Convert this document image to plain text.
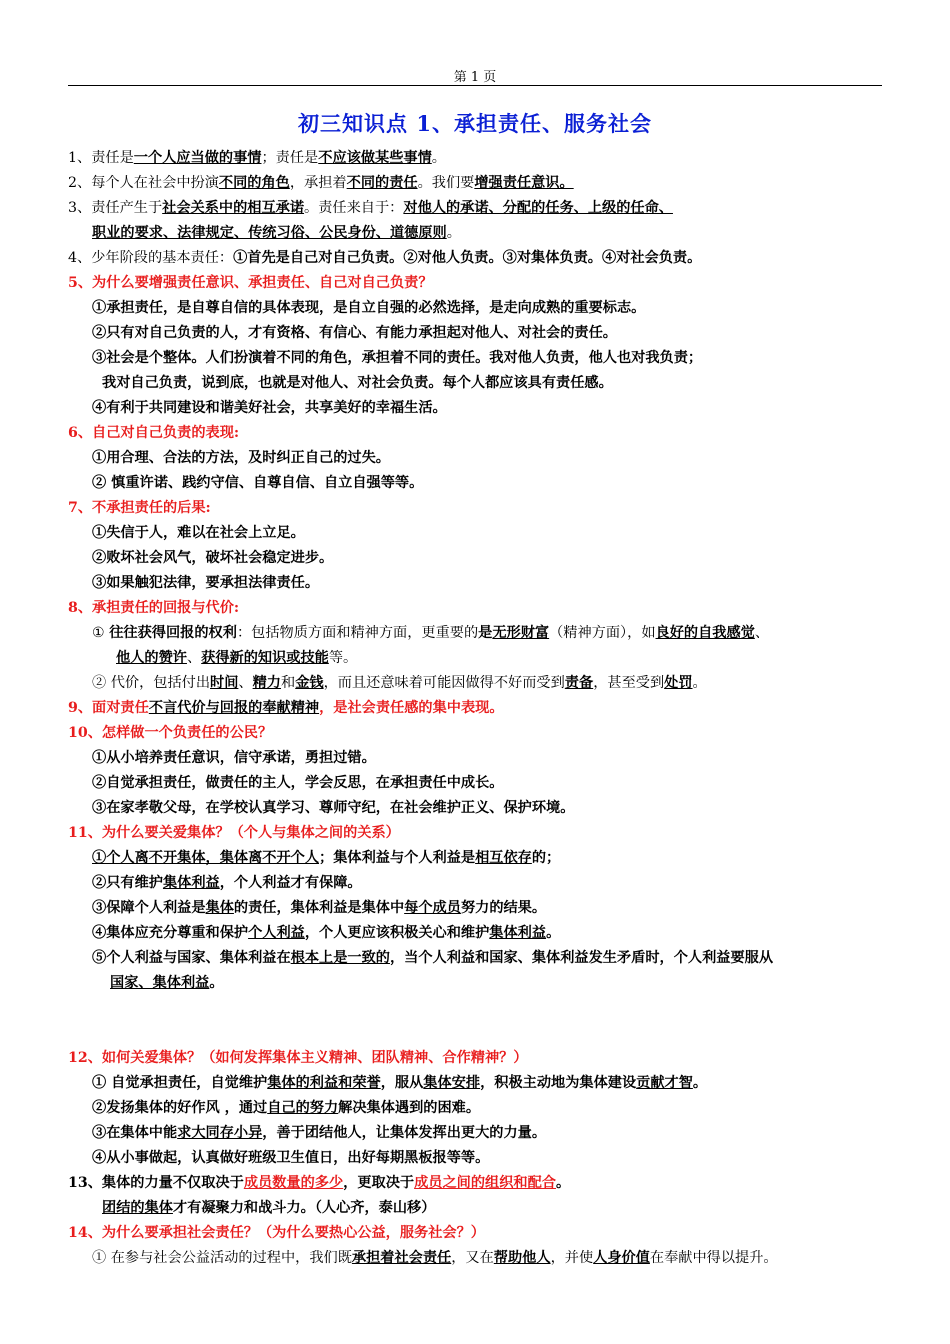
第 1 页
初三知识点 1、承担责任、服务社会
1、责任是一个人应当做的事情；责任是不应该做某些事情。
2、每个人在社会中扮演不同的角色，承担着不同的责任。我们要增强责任意识。
3、责任产生于社会关系中的相互承诺。责任来自于：对他人的承诺、分配的任务、上级的任命、
职业的要求、法律规定、传统习俗、公民身份、道德原则。
4、少年阶段的基本责任：①首先是自己对自己负责。②对他人负责。③对集体负责。④对社会负责。
5、为什么要增强责任意识、承担责任、自己对自己负责？
①承担责任，是自尊自信的具体表现，是自立自强的必然选择，是走向成熟的重要标志。
②只有对自己负责的人，才有资格、有信心、有能力承担起对他人、对社会的责任。
③社会是个整体。人们扮演着不同的角色，承担着不同的责任。我对他人负责，他人也对我负责；
我对自己负责，说到底，也就是对他人、对社会负责。每个人都应该具有责任感。
④有利于共同建设和谐美好社会，共享美好的幸福生活。
6、自己对自己负责的表现:
①用合理、合法的方法，及时纠正自己的过失。
② 慎重许诺、践约守信、自尊自信、自立自强等等。
7、不承担责任的后果:
①失信于人，难以在社会上立足。
②败坏社会风气，破坏社会稳定进步。
③如果触犯法律，要承担法律责任。
8、承担责任的回报与代价:
① 往往获得回报的权利：包括物质方面和精神方面，更重要的是无形财富（精神方面），如良好的自我感觉、
他人的赞许、获得新的知识或技能等。
② 代价，包括付出时间、精力和金钱，而且还意味着可能因做得不好而受到责备，甚至受到处罚。
9、面对责任不言代价与回报的奉献精神，是社会责任感的集中表现。
10、怎样做一个负责任的公民？
①从小培养责任意识，信守承诺，勇担过错。
②自觉承担责任，做责任的主人，学会反思，在承担责任中成长。
③在家孝敬父母，在学校认真学习、尊师守纪，在社会维护正义、保护环境。
11、为什么要关爱集体？（个人与集体之间的关系）
①个人离不开集体，集体离不开个人；集体利益与个人利益是相互依存的；
②只有维护集体利益，个人利益才有保障。
③保障个人利益是集体的责任，集体利益是集体中每个成员努力的结果。
④集体应充分尊重和保护个人利益，个人更应该积极关心和维护集体利益。
⑤个人利益与国家、集体利益在根本上是一致的，当个人利益和国家、集体利益发生矛盾时，个人利益要服从
国家、集体利益。
12、如何关爱集体？（如何发挥集体主义精神、团队精神、合作精神？）
① 自觉承担责任，自觉维护集体的利益和荣誉，服从集体安排，积极主动地为集体建设贡献才智。
②发扬集体的好作风 ，通过自己的努力解决集体遇到的困难。
③在集体中能求大同存小异，善于团结他人，让集体发挥出更大的力量。
④从小事做起，认真做好班级卫生值日，出好每期黑板报等等。
13、集体的力量不仅取决于成员数量的多少，更取决于成员之间的组织和配合。
团结的集体才有凝聚力和战斗力。（人心齐，泰山移）
14、为什么要承担社会责任？（为什么要热心公益，服务社会？）
① 在参与社会公益活动的过程中，我们既承担着社会责任，又在帮助他人，并使人身价值在奉献中得以提升。
